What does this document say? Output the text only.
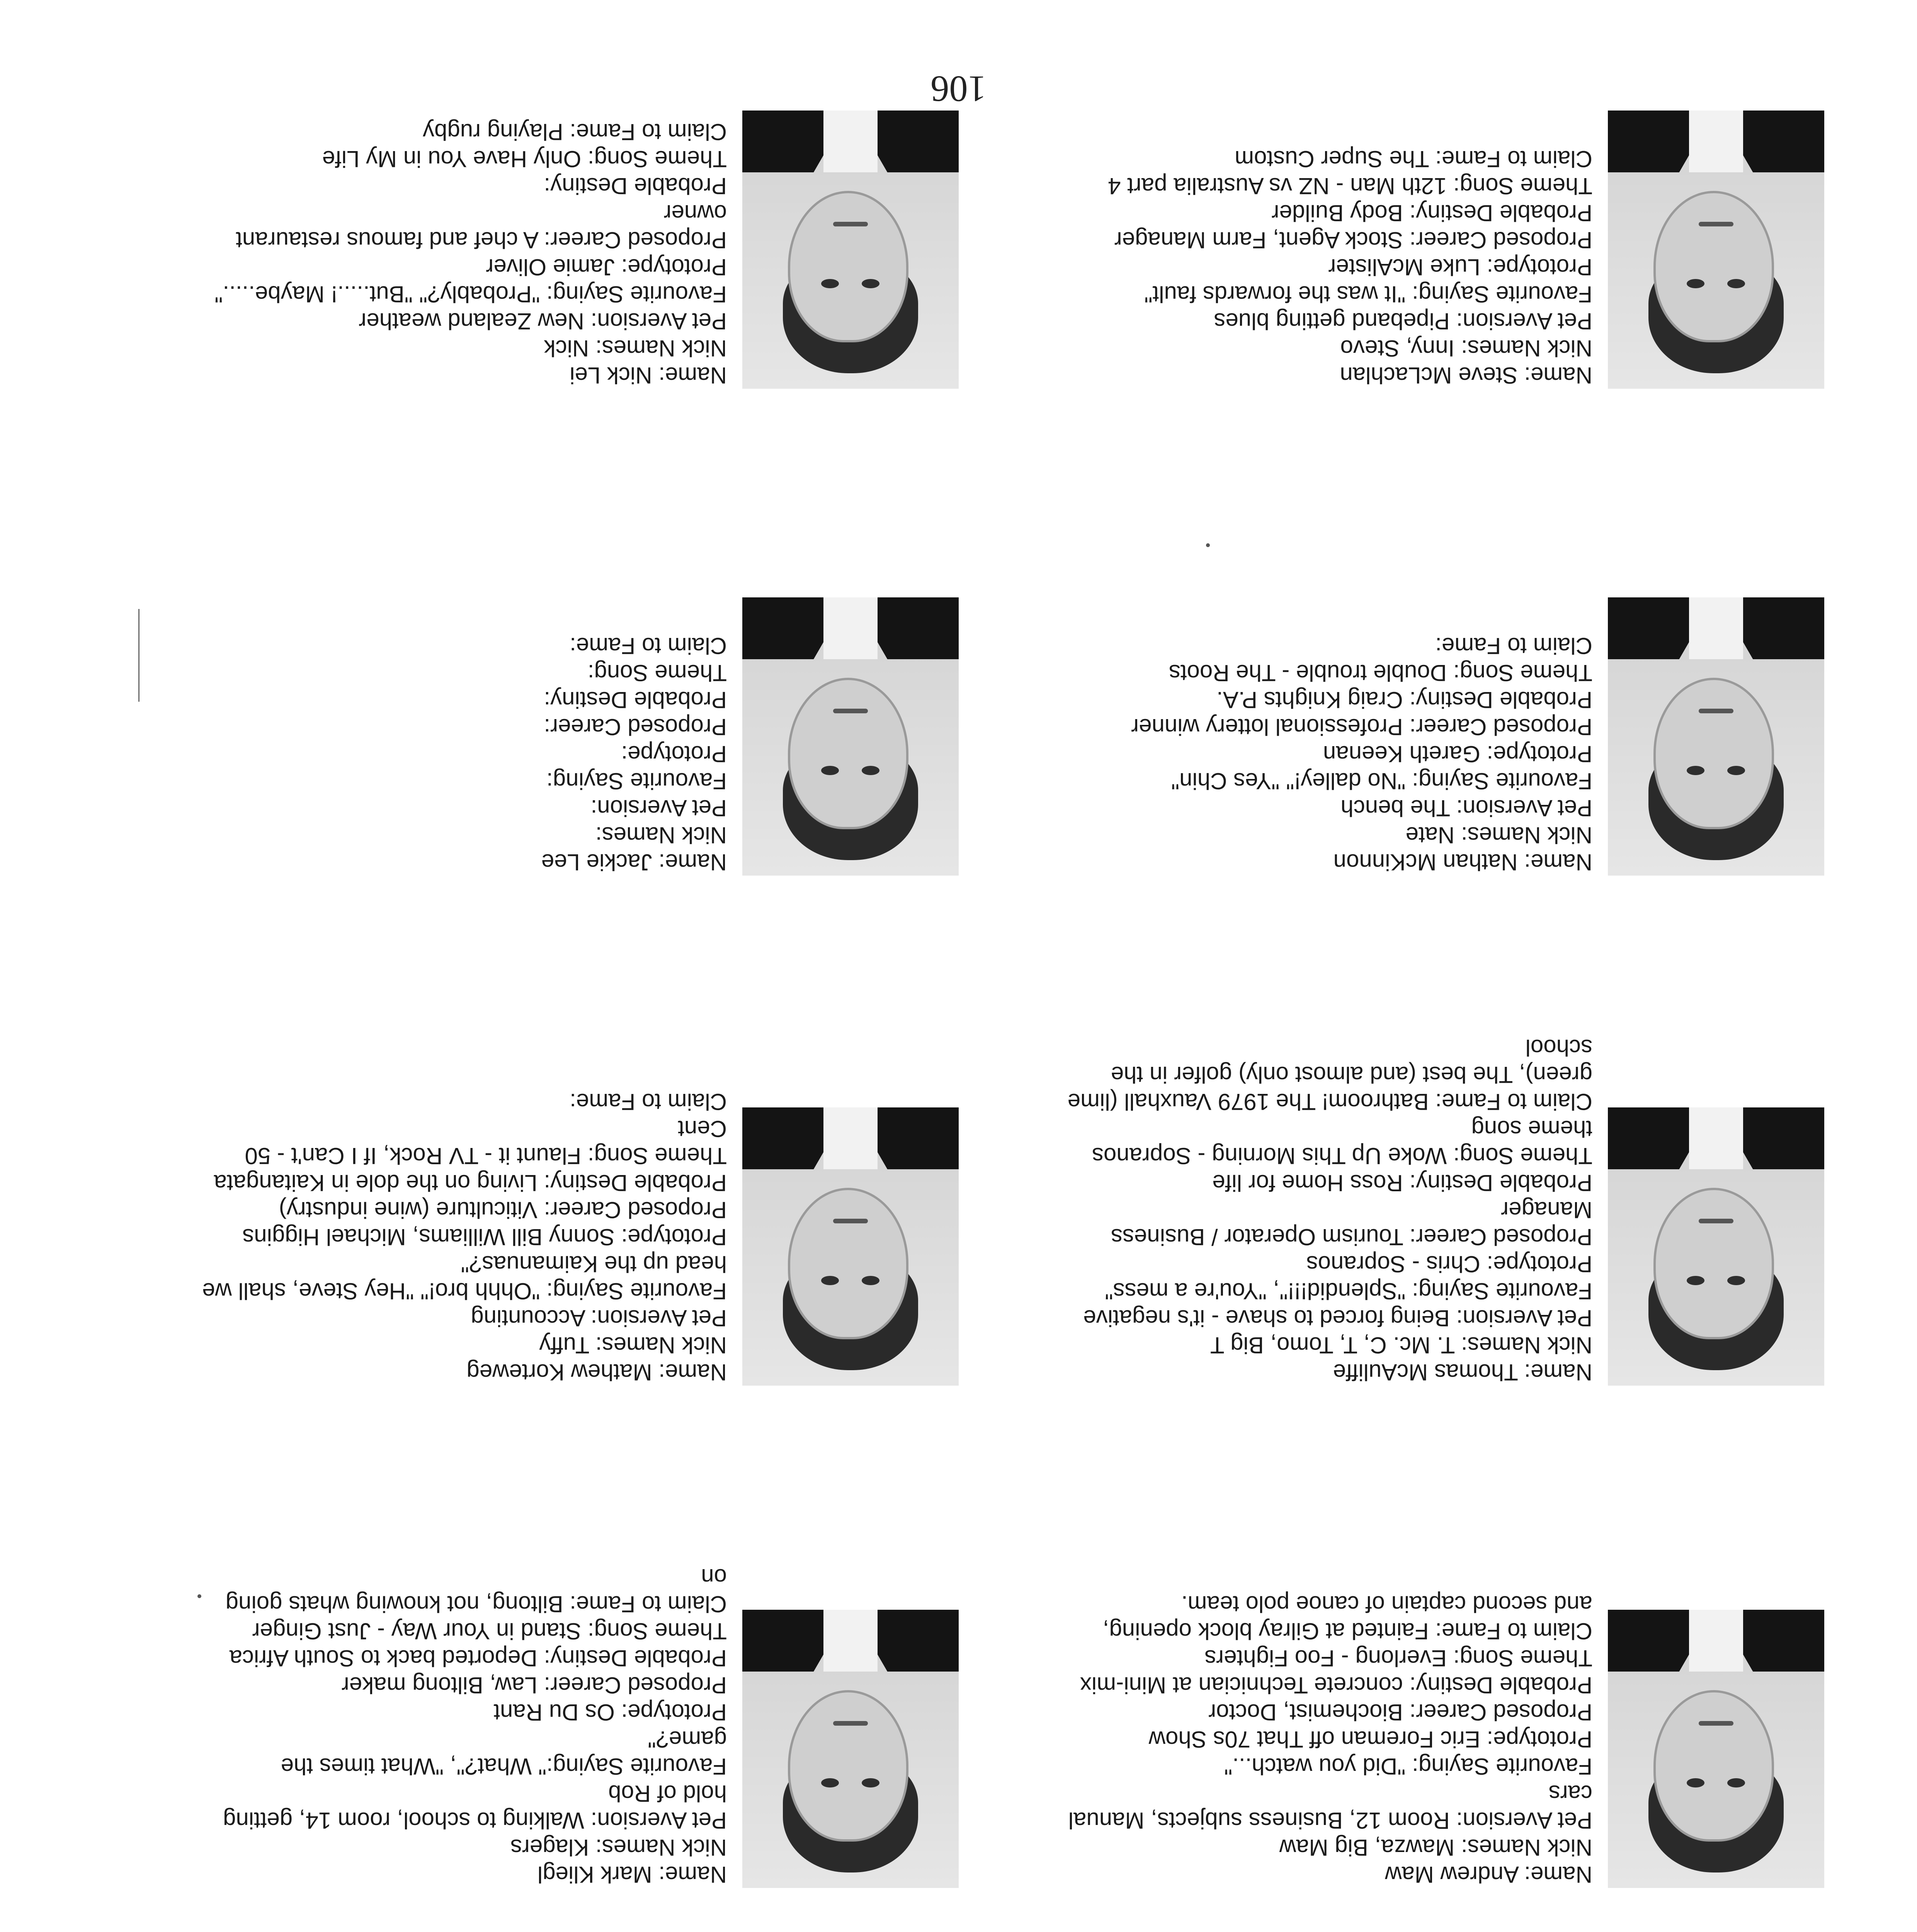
Name: Andrew Maw
Nick Names: Mawza, Big Maw
Pet Aversion: Room 12, Business subjects, Manual cars
Favourite Saying: "Did you watch..."
Prototype: Eric Foreman off That 70s Show
Proposed Career: Biochemist, Doctor
Probable Destiny: concrete Technician at Mini-mix
Theme Song: Everlong - Foo Fighters
Claim to Fame: Fainted at Gilray block opening, and second captain of canoe polo team.
Name: Mark Kliegl
Nick Names: Klagers
Pet Aversion: Walking to school, room 14, getting hold of Rob
Favourite Saying:" What?", "What times the game?"
Prototype: Os Du Rant
Proposed Career: Law, Biltong maker
Probable Destiny: Deported back to South Africa
Theme Song: Stand in Your Way - Just Ginger
Claim to Fame: Biltong, not knowing whats going on
Name: Thomas McAuliffe
Nick Names: T. Mc. C, T, Tomo, Big T
Pet Aversion: Being forced to shave - it's negative
Favourite Saying: "Splendid!!!", "You're a mess"
Prototype: Chris - Sopranos
Proposed Career: Tourism Operator / Business Manager
Probable Destiny: Ross Home for life
Theme Song: Woke Up This Morning - Sopranos theme song
Claim to Fame: Bathroom! The 1979 Vauxhall (lime green), The best (and almost only) golfer in the school
Name: Mathew Korteweg
Nick Names: Tuffy
Pet Aversion: Accounting
Favourite Saying: "Ohhh bro!" "Hey Steve, shall we head up the Kaimanuas?"
Prototype: Sonny Bill Williams, Michael Higgins
Proposed Career: Viticulture (wine industry)
Probable Destiny: Living on the dole in Kaitangata
Theme Song: Flaunt it - TV Rock, If I Can't - 50 Cent
Claim to Fame:
Name: Nathan McKinnon
Nick Names: Nate
Pet Aversion: The bench
Favourite Saying: "No dalley!" "Yes Chin"
Prototype: Gareth Keenan
Proposed Career: Professional lottery winner
Probable Destiny: Craig Knights P.A.
Theme Song: Double trouble - The Roots
Claim to Fame:
Name: Jackie Lee
Nick Names:
Pet Aversion:
Favourite Saying:
Prototype:
Proposed Career:
Probable Destiny:
Theme Song:
Claim to Fame:
Name: Steve McLachlan
Nick Names: Inny, Stevo
Pet Aversion: Pipeband getting blues
Favourite Saying: "It was the forwards fault"
Prototype: Luke McAlister
Proposed Career: Stock Agent, Farm Manager
Probable Destiny: Body Builder
Theme Song: 12th Man - NZ vs Australia part 4
Claim to Fame: The Super Custom
Name: Nick Lei
Nick Names: Nick
Pet Aversion: New Zealand weather
Favourite Saying: "Probably?" "But.....! Maybe....."
Prototype: Jamie Oliver
Proposed Career: A chef and famous restaurant owner
Probable Destiny:
Theme Song: Only Have You in My Life
Claim to Fame: Playing rugby
106
